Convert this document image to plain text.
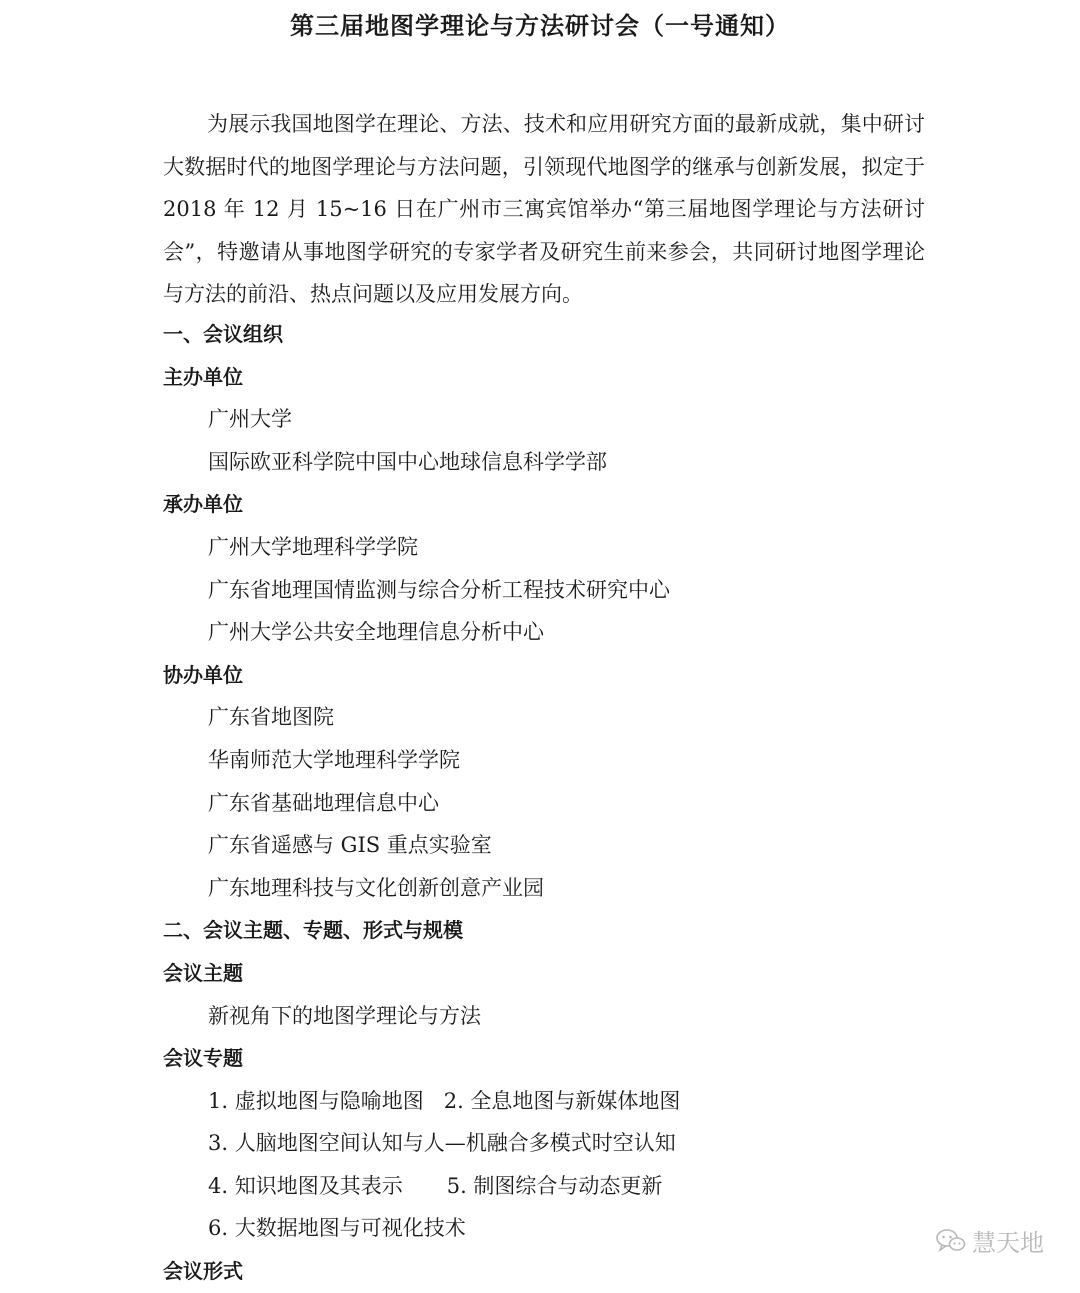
第三届地图学理论与方法研讨会（一号通知）

为展示我国地图学在理论、方法、技术和应用研究方面的最新成就，集中研讨大数据时代的地图学理论与方法问题，引领现代地图学的继承与创新发展，拟定于 2018 年 12 月 15~16 日在广州市三寓宾馆举办“第三届地图学理论与方法研讨会”，特邀请从事地图学研究的专家学者及研究生前来参会，共同研讨地图学理论与方法的前沿、热点问题以及应用发展方向。

一、会议组织
主办单位
广州大学
国际欧亚科学院中国中心地球信息科学学部
承办单位
广州大学地理科学学院
广东省地理国情监测与综合分析工程技术研究中心
广州大学公共安全地理信息分析中心
协办单位
广东省地图院
华南师范大学地理科学学院
广东省基础地理信息中心
广东省遥感与 GIS 重点实验室
广东地理科技与文化创新创意产业园
二、会议主题、专题、形式与规模
会议主题
新视角下的地图学理论与方法
会议专题
1. 虚拟地图与隐喻地图 2. 全息地图与新媒体地图
3. 人脑地图空间认知与人—机融合多模式时空认知
4. 知识地图及其表示 5. 制图综合与动态更新
6. 大数据地图与可视化技术
会议形式
慧天地
